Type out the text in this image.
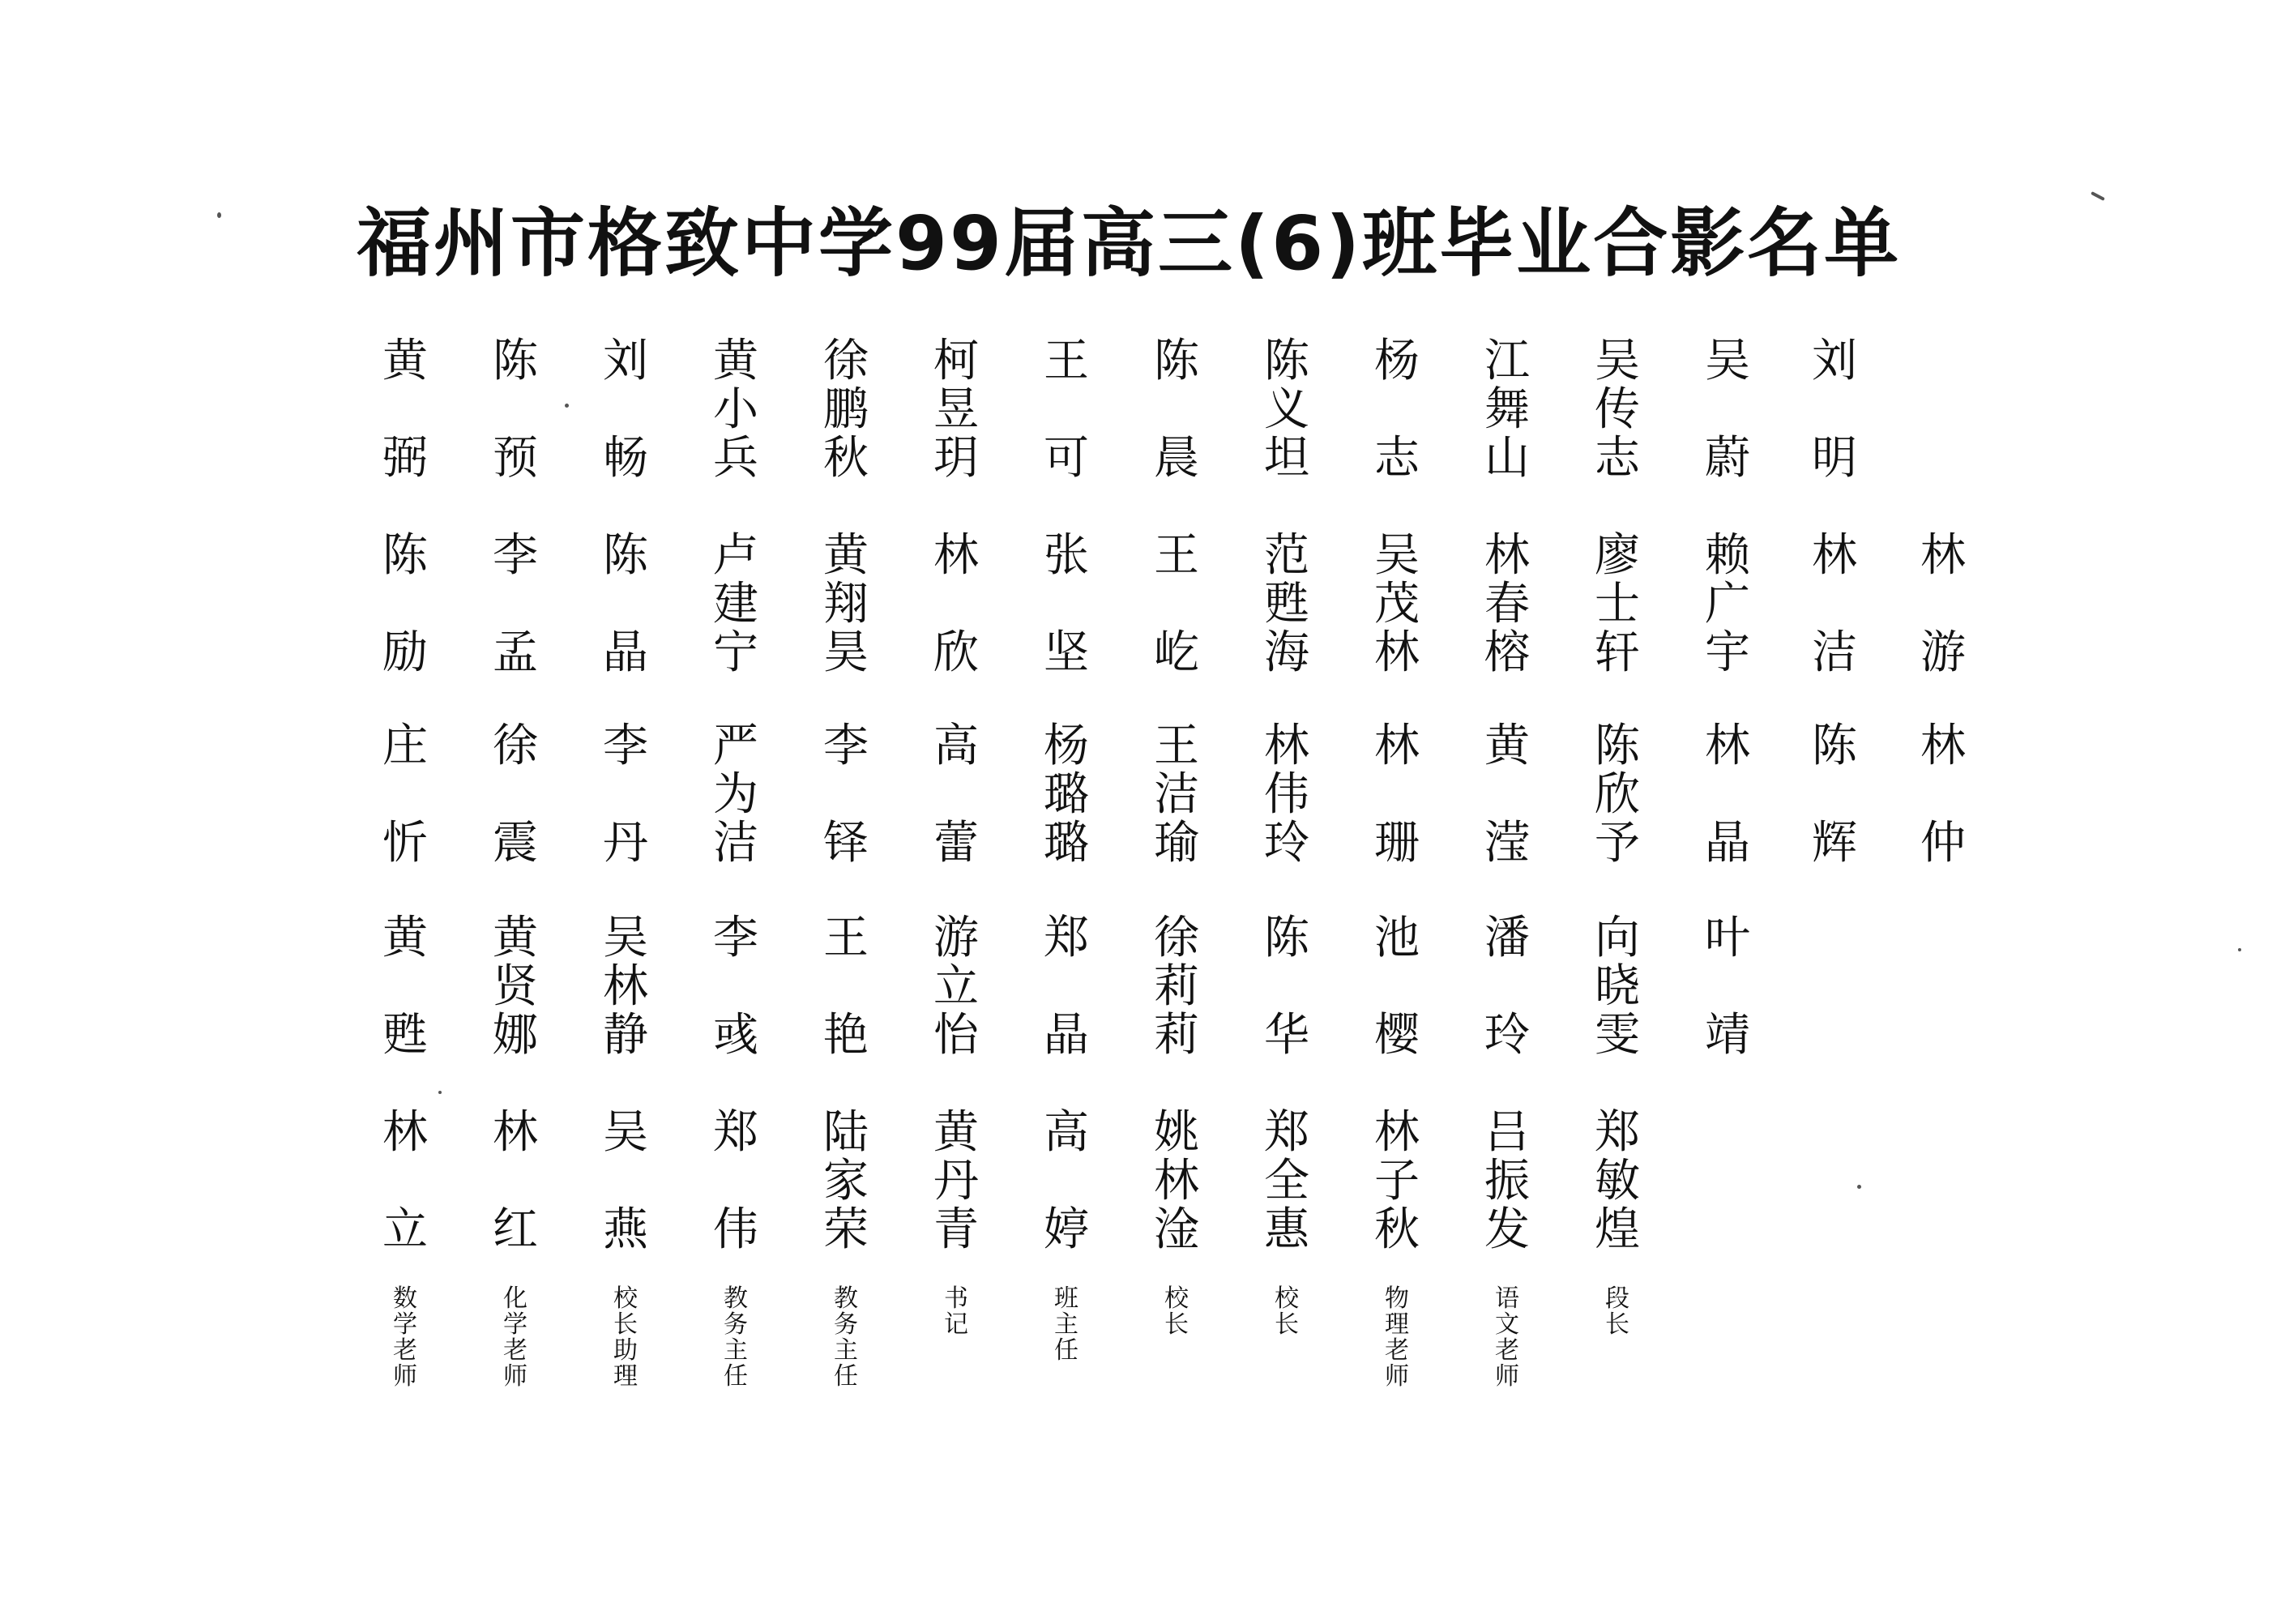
福州市格致中学99届高三(6)班毕业合影名单
黄
弼
陈
预
刘
畅
黄
小
兵
徐
鹏
秋
柯
昱
玥
王
可
陈
晨
陈
义
坦
杨
志
江
舞
山
吴
传
志
吴
蔚
刘
明
陈
励
李
孟
陈
晶
卢
建
宁
黄
翔
昊
林
欣
张
坚
王
屹
范
甦
海
吴
茂
林
林
春
榕
廖
士
轩
赖
广
宇
林
洁
林
游
庄
忻
徐
震
李
丹
严
为
洁
李
铎
高
蕾
杨
璐
璐
王
洁
瑜
林
伟
玲
林
珊
黄
滢
陈
欣
予
林
晶
陈
辉
林
仲
黄
甦
黄
贤
娜
吴
林
静
李
彧
王
艳
游
立
怡
郑
晶
徐
莉
莉
陈
华
池
樱
潘
玲
向
晓
雯
叶
靖
林
立
林
红
吴
燕
郑
伟
陆
家
荣
黄
丹
青
高
婷
姚
林
淦
郑
全
惠
林
子
秋
吕
振
发
郑
敏
煌
数
学
老
师
化
学
老
师
校
长
助
理
教
务
主
任
教
务
主
任
书
记
班
主
任
校
长
校
长
物
理
老
师
语
文
老
师
段
长
